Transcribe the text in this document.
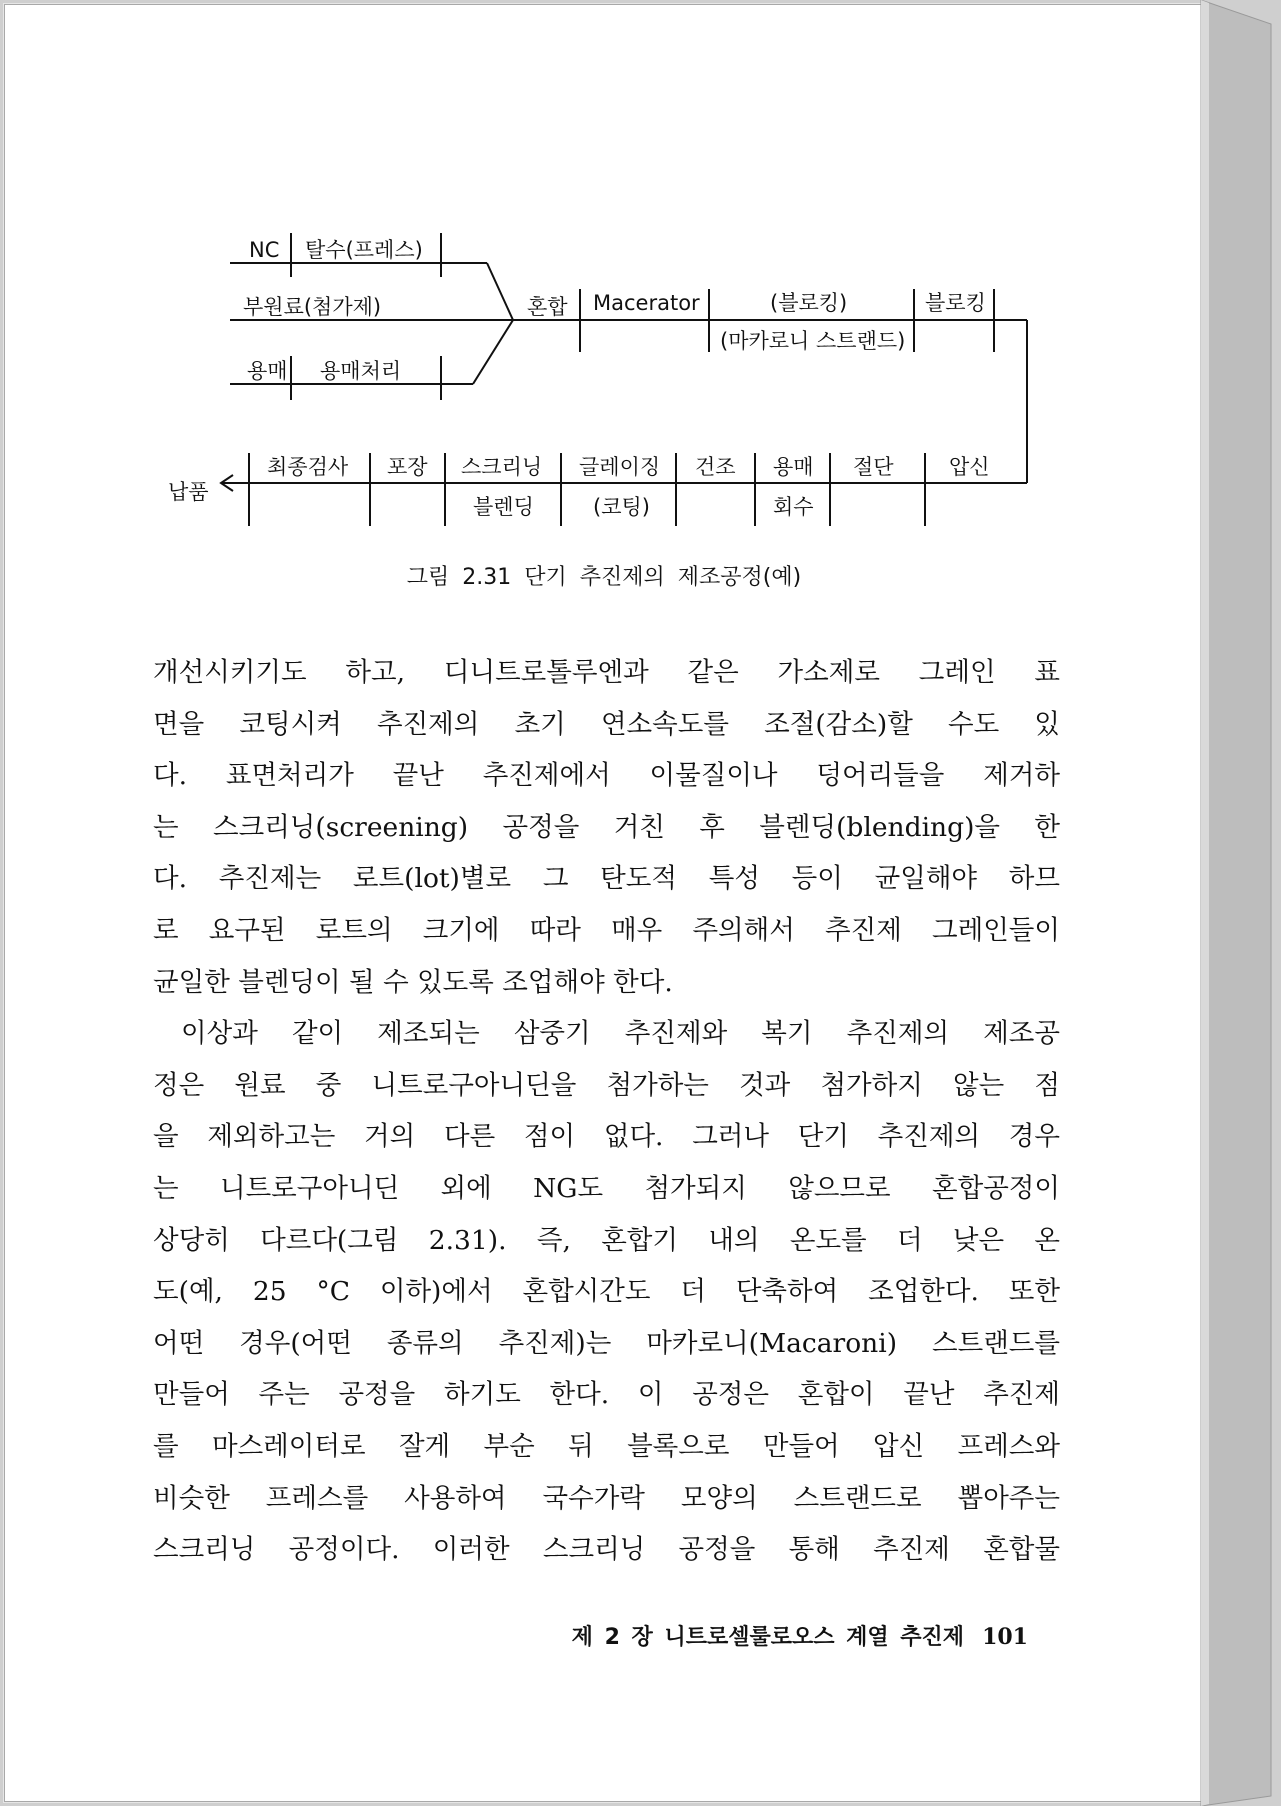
NC 탈수(프레스)
부원료(첨가제)
용매 용매처리
혼합 Macerator	(블로킹)
(마카로니 스트랜드)
블로킹
압신
절단
용매
회수
건조
글레이징
(코팅)
스크리닝
블렌딩
포장
최종검사
납품
그림 2.31 단기 추진제의 제조공정(예)
개선시키기도 하고, 디니트로톨루엔과 같은 가소제로 그레인 표
면을 코팅시켜 추진제의 초기 연소속도를 조절(감소)할 수도 있
다. 표면처리가 끝난 추진제에서 이물질이나 덩어리들을 제거하
는 스크리닝(screening) 공정을 거친 후 블렌딩(blending)을 한
다. 추진제는 로트(lot)별로 그 탄도적 특성 등이 균일해야 하므
로 요구된 로트의 크기에 따라 매우 주의해서 추진제 그레인들이
균일한 블렌딩이 될 수 있도록 조업해야 한다.
이상과 같이 제조되는 삼중기 추진제와 복기 추진제의 제조공
정은 원료 중 니트로구아니딘을 첨가하는 것과 첨가하지 않는 점
을 제외하고는 거의 다른 점이 없다. 그러나 단기 추진제의 경우
는 니트로구아니딘 외에 NG도 첨가되지 않으므로 혼합공정이
상당히 다르다(그림 2.31). 즉, 혼합기 내의 온도를 더 낮은 온
도(예, 25 °C 이하)에서 혼합시간도 더 단축하여 조업한다. 또한
어떤 경우(어떤 종류의 추진제)는 마카로니(Macaroni) 스트랜드를
만들어 주는 공정을 하기도 한다. 이 공정은 혼합이 끝난 추진제
를 마스레이터로 잘게 부순 뒤 블록으로 만들어 압신 프레스와
비슷한 프레스를 사용하여 국수가락 모양의 스트랜드로 뽑아주는
스크리닝 공정이다. 이러한 스크리닝 공정을 통해 추진제 혼합물
제 2 장 니트로셀룰로오스 계열 추진제 101
